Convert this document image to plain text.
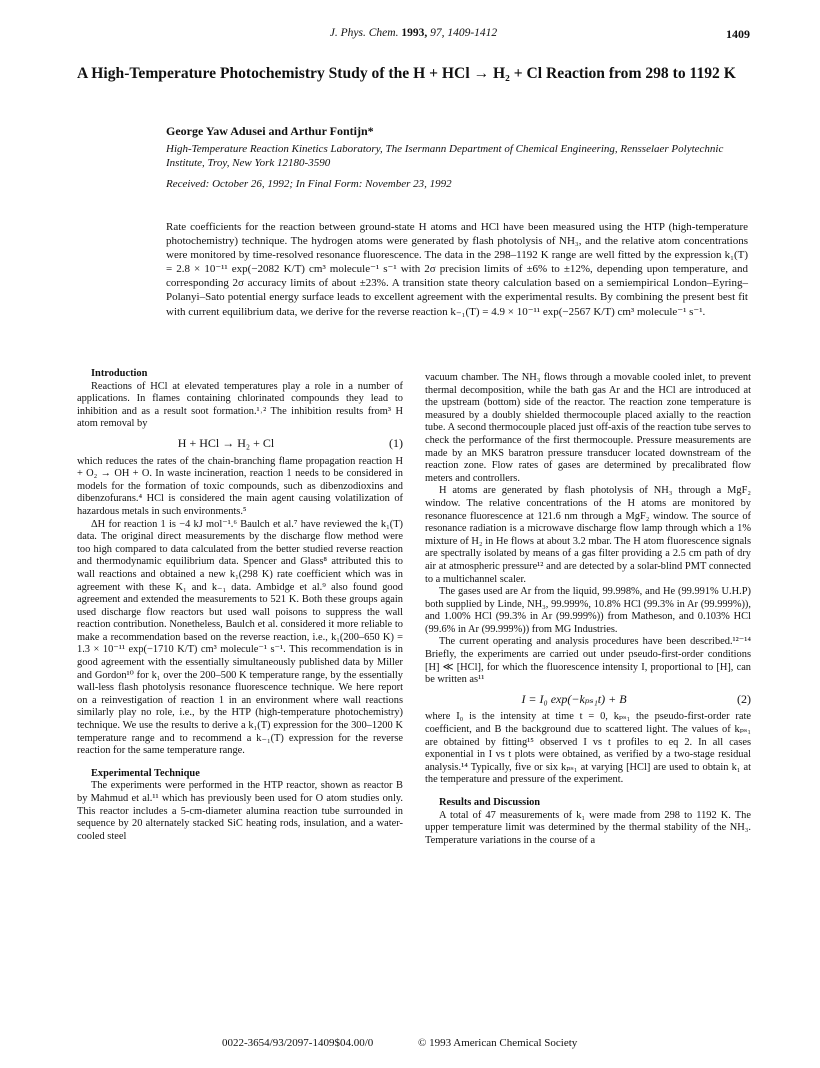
J. Phys. Chem. 1993, 97, 1409-1412	1409
A High-Temperature Photochemistry Study of the H + HCl → H₂ + Cl Reaction from 298 to 1192 K
George Yaw Adusei and Arthur Fontijn*
High-Temperature Reaction Kinetics Laboratory, The Isermann Department of Chemical Engineering, Rensselaer Polytechnic Institute, Troy, New York 12180-3590
Received: October 26, 1992; In Final Form: November 23, 1992
Rate coefficients for the reaction between ground-state H atoms and HCl have been measured using the HTP (high-temperature photochemistry) technique. The hydrogen atoms were generated by flash photolysis of NH₃, and the relative atom concentrations were monitored by time-resolved resonance fluorescence. The data in the 298–1192 K range are well fitted by the expression k₁(T) = 2.8 × 10⁻¹¹ exp(−2082 K/T) cm³ molecule⁻¹ s⁻¹ with 2σ precision limits of ±6% to ±12%, depending upon temperature, and corresponding 2σ accuracy limits of about ±23%. A transition state theory calculation based on a semiempirical London–Eyring–Polanyi–Sato potential energy surface leads to excellent agreement with the experimental results. By combining the present best fit with current equilibrium data, we derive for the reverse reaction k₋₁(T) = 4.9 × 10⁻¹¹ exp(−2567 K/T) cm³ molecule⁻¹ s⁻¹.

Introduction

Reactions of HCl at elevated temperatures play a role in a number of applications. In flames containing chlorinated compounds they lead to inhibition and as a result soot formation.¹˒² The inhibition results from³ H atom removal by

H + HCl → H₂ + Cl	(1)

which reduces the rates of the chain-branching flame propagation reaction H + O₂ → OH + O. In waste incineration, reaction 1 needs to be considered in models for the formation of toxic compounds, such as dibenzodioxins and dibenzofurans.⁴ HCl is considered the main agent causing volatilization of hazardous metals in such environments.⁵

ΔH for reaction 1 is −4 kJ mol⁻¹.⁶ Baulch et al.⁷ have reviewed the k₁(T) data. The original direct measurements by the discharge flow method were too high compared to data calculated from the better studied reverse reaction and thermodynamic equilibrium data. Spencer and Glass⁸ attributed this to wall reactions and obtained a new k₁(298 K) rate coefficient which was in agreement with these K₁ and k₋₁ data. Ambidge et al.⁹ also found good agreement and extended the measurements to 521 K. Both these groups again used discharge flow reactors but used wall poisons to suppress the wall reaction contribution. Nonetheless, Baulch et al. considered it more reliable to make a recommendation based on the reverse reaction, i.e., k₁(200–650 K) = 1.3 × 10⁻¹¹ exp(−1710 K/T) cm³ molecule⁻¹ s⁻¹. This recommendation is in good agreement with the essentially simultaneously published data by Miller and Gordon¹⁰ for k₁ over the 200–500 K temperature range, by the essentially wall-less flash photolysis resonance fluorescence technique. We here report on a reinvestigation of reaction 1 in an environment where wall reactions similarly play no role, i.e., by the HTP (high-temperature photochemistry) technique. We use the results to derive a k₁(T) expression for the 300–1200 K temperature range and to recommend a k₋₁(T) expression for the reverse reaction for the same temperature range.

Experimental Technique

The experiments were performed in the HTP reactor, shown as reactor B by Mahmud et al.¹¹ which has previously been used for O atom studies only. This reactor includes a 5-cm-diameter alumina reaction tube surrounded in sequence by 20 alternately stacked SiC heating rods, insulation, and a water-cooled steel

vacuum chamber. The NH₃ flows through a movable cooled inlet, to prevent thermal decomposition, while the bath gas Ar and the HCl are introduced at the upstream (bottom) side of the reactor. The reaction zone temperature is measured by a doubly shielded thermocouple placed axially to the reaction tube. A second thermocouple placed just off-axis of the reaction tube serves to check the performance of the first thermocouple. Pressure measurements are made by an MKS baratron pressure transducer located downstream of the reaction zone. Flow rates of gases are determined by precalibrated flow meters and controllers.

H atoms are generated by flash photolysis of NH₃ through a MgF₂ window. The relative concentrations of the H atoms are monitored by resonance fluorescence at 121.6 nm through a MgF₂ window. The source of resonance radiation is a microwave discharge flow lamp through which a 1% mixture of H₂ in He flows at about 3.2 mbar. The H atom fluorescence signals are spectrally isolated by means of a gas filter providing a 2.5 cm path of dry air at atmospheric pressure¹² and are detected by a solar-blind PMT connected to a multichannel scaler.

The gases used are Ar from the liquid, 99.998%, and He (99.991% U.H.P) both supplied by Linde, NH₃, 99.999%, 10.8% HCl (99.3% in Ar (99.999%)), and 1.00% HCl (99.3% in Ar (99.999%)) from Matheson, and 0.103% HCl (99.6% in Ar (99.999%)) from MG Industries.

The current operating and analysis procedures have been described.¹²⁻¹⁴ Briefly, the experiments are carried out under pseudo-first-order conditions [H] ≪ [HCl], for which the fluorescence intensity I, proportional to [H], can be written as¹¹

I = I₀ exp(−kₚₛ₁t) + B	(2)

where I₀ is the intensity at time t = 0, kₚₛ₁ the pseudo-first-order rate coefficient, and B the background due to scattered light. The values of kₚₛ₁ are obtained by fitting¹⁵ observed I vs t profiles to eq 2. In all cases exponential in I vs t plots were obtained, as verified by a two-stage residual analysis.¹⁴ Typically, five or six kₚₛ₁ at varying [HCl] are used to obtain k₁ at the temperature and pressure of the experiment.

Results and Discussion

A total of 47 measurements of k₁ were made from 298 to 1192 K. The upper temperature limit was determined by the thermal stability of the NH₃. Temperature variations in the course of a

0022-3654/93/2097-1409$04.00/0	© 1993 American Chemical Society
